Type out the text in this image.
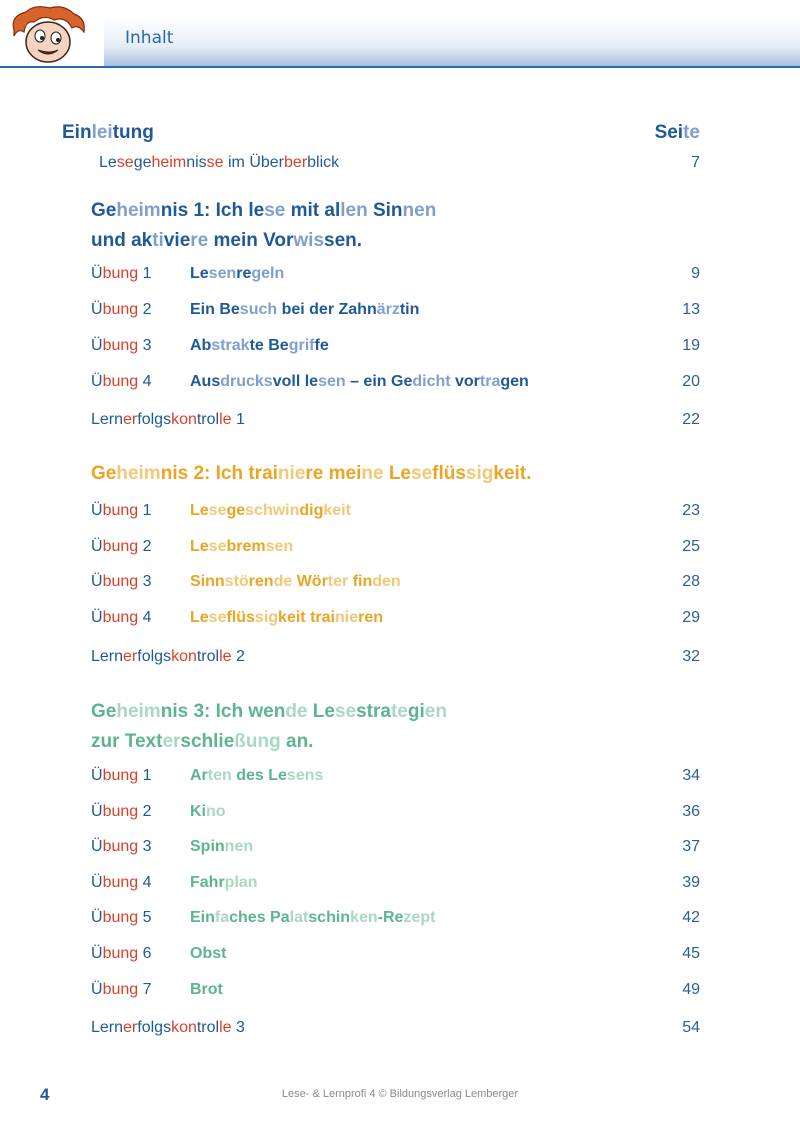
Inhalt
Einleitung	Seite
Lesegeheimnisse im Überberblick	7
Geheimnis 1: Ich lese mit allen Sinnen
und aktiviere mein Vorwissen.
Übung 1 Lesenregeln	9
Übung 2 Ein Besuch bei der Zahnärztin	13
Übung 3 Abstrakte Begriffe	19
Übung 4 Ausdrucksvoll lesen – ein Gedicht vortragen	20
Lernerfolgskontrolle 1	22
Geheimnis 2: Ich trainiere meine Leseflüssigkeit.
Übung 1 Lesegeschwindigkeit	23
Übung 2 Lesebremsen	25
Übung 3 Sinnstörende Wörter finden	28
Übung 4 Leseflüssigkeit trainieren	29
Lernerfolgskontrolle 2	32
Geheimnis 3: Ich wende Lesestrategien
zur Texterschließung an.
Übung 1 Arten des Lesens	34
Übung 2 Kino	36
Übung 3 Spinnen	37
Übung 4 Fahrplan	39
Übung 5 Einfaches Palatschinken-Rezept	42
Übung 6 Obst	45
Übung 7 Brot	49
Lernerfolgskontrolle 3	54
4	Lese- & Lernprofi 4 © Bildungsverlag Lemberger
